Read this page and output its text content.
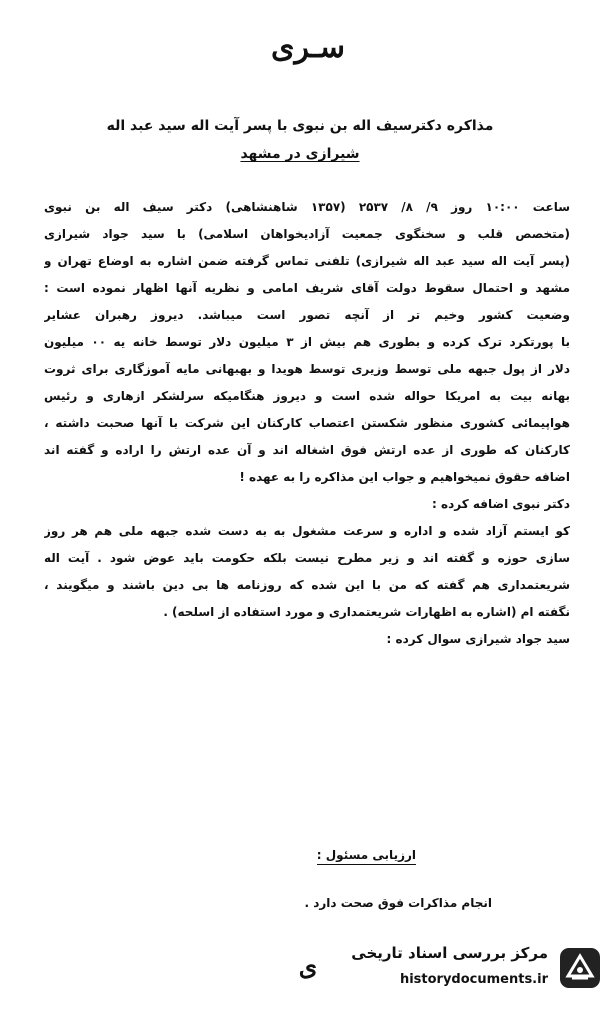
سـری
مذاکره دکترسیف اله بن نبوی با پسر آیت اله سید عبد اله
شیرازی در مشهد
ساعت ۱۰:۰۰ روز ۹/ ۸/ ۲۵۳۷ (۱۳۵۷ شاهنشاهی) دکتر سیف اله بن نبوی
(متخصص قلب و سخنگوی جمعیت آزادیخواهان اسلامی) با سید جواد شیرازی
(پسر آیت اله سید عبد اله شیرازی) تلفنی تماس گرفته ضمن اشاره به اوضاع تهران و
مشهد و احتمال سقوط دولت آقای شریف امامی و نظریه آنها اظهار نموده است :
وضعیت کشور وخیم تر از آنچه تصور است میباشد. دیروز رهبران عشایر
با پورتکرد ترک کرده و بطوری هم بیش از ۳ میلیون دلار توسط خانه یه ۰۰ میلیون
دلار از پول جبهه ملی توسط وزیری توسط هویدا و بهبهانی مایه آموزگاری برای ثروت
بهانه بیت به امریکا حواله شده است و دیروز هنگامیکه سرلشکر ازهاری و رئیس
هواپیمائی کشوری منظور شکستن اعتصاب کارکنان این شرکت با آنها صحبت داشته ،
کارکنان که طوری از عده ارتش فوق اشغاله اند و آن عده ارتش را اراده و گفته اند
اضافه حقوق نمیخواهیم و جواب این مذاکره را به عهده !
دکتر نبوی اضافه کرده :
کو ایستم آزاد شده و اداره و سرعت مشغول به به دست شده جبهه ملی هم هر روز
سازی حوزه و گفته اند و زیر مطرح نیست بلکه حکومت باید عوض شود . آیت اله
شریعتمداری هم گفته که من با این شده که روزنامه ها بی دین باشند و میگویند ،
نگفته ام (اشاره به اظهارات شریعتمداری و مورد استفاده از اسلحه) .
سید جواد شیرازی سوال کرده :
ارزیابی مسئول :
انجام مذاکرات فوق صحت دارد .
ی مرکز بررسی اسناد تاریخی
historydocuments.ir
